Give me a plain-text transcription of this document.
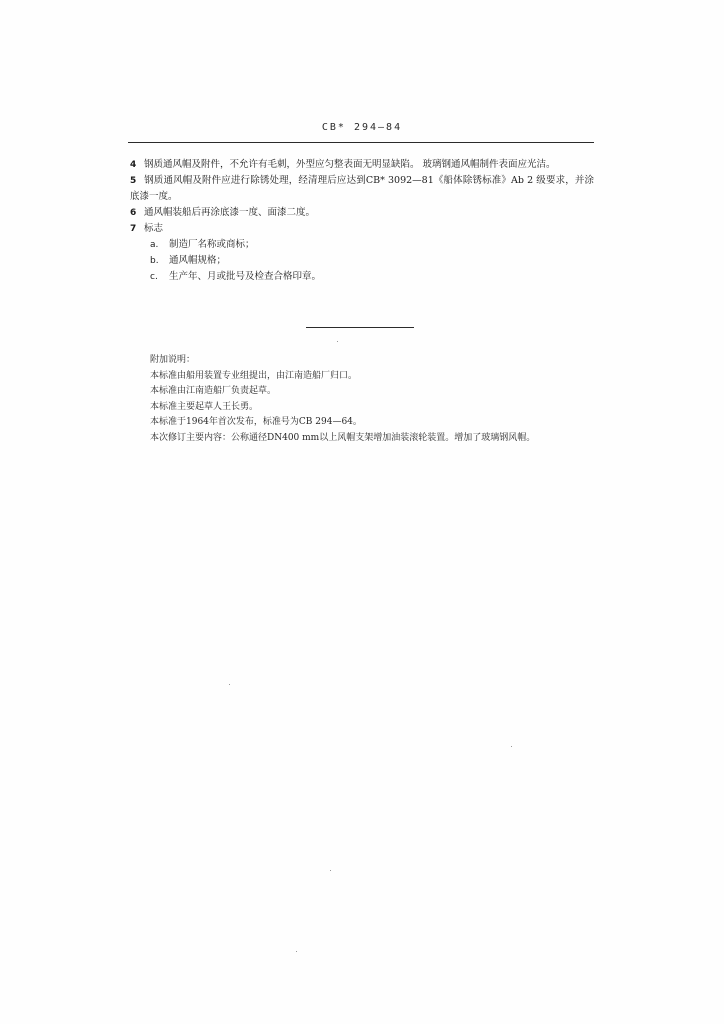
CB* 294—84

4 钢质通风帽及附件，不允许有毛刺，外型应匀整表面无明显缺陷。 玻璃钢通风帽制件表面应光洁。

5 钢质通风帽及附件应进行除锈处理，经清理后应达到CB* 3092—81《船体除锈标准》Ab 2 级要求，并涂底漆一度。

6 通风帽装船后再涂底漆一度、面漆二度。

7 标志

a. 制造厂名称或商标；
b. 通风帽规格；
c. 生产年、月或批号及检查合格印章。

附加说明：

本标准由船用装置专业组提出，由江南造船厂归口。

本标准由江南造船厂负责起草。

本标准主要起草人王长勇。

本标准于1964年首次发布，标准号为CB 294—64。

本次修订主要内容：公称通径DN400 mm以上风帽支架增加油装滚轮装置。增加了玻璃钢风帽。
